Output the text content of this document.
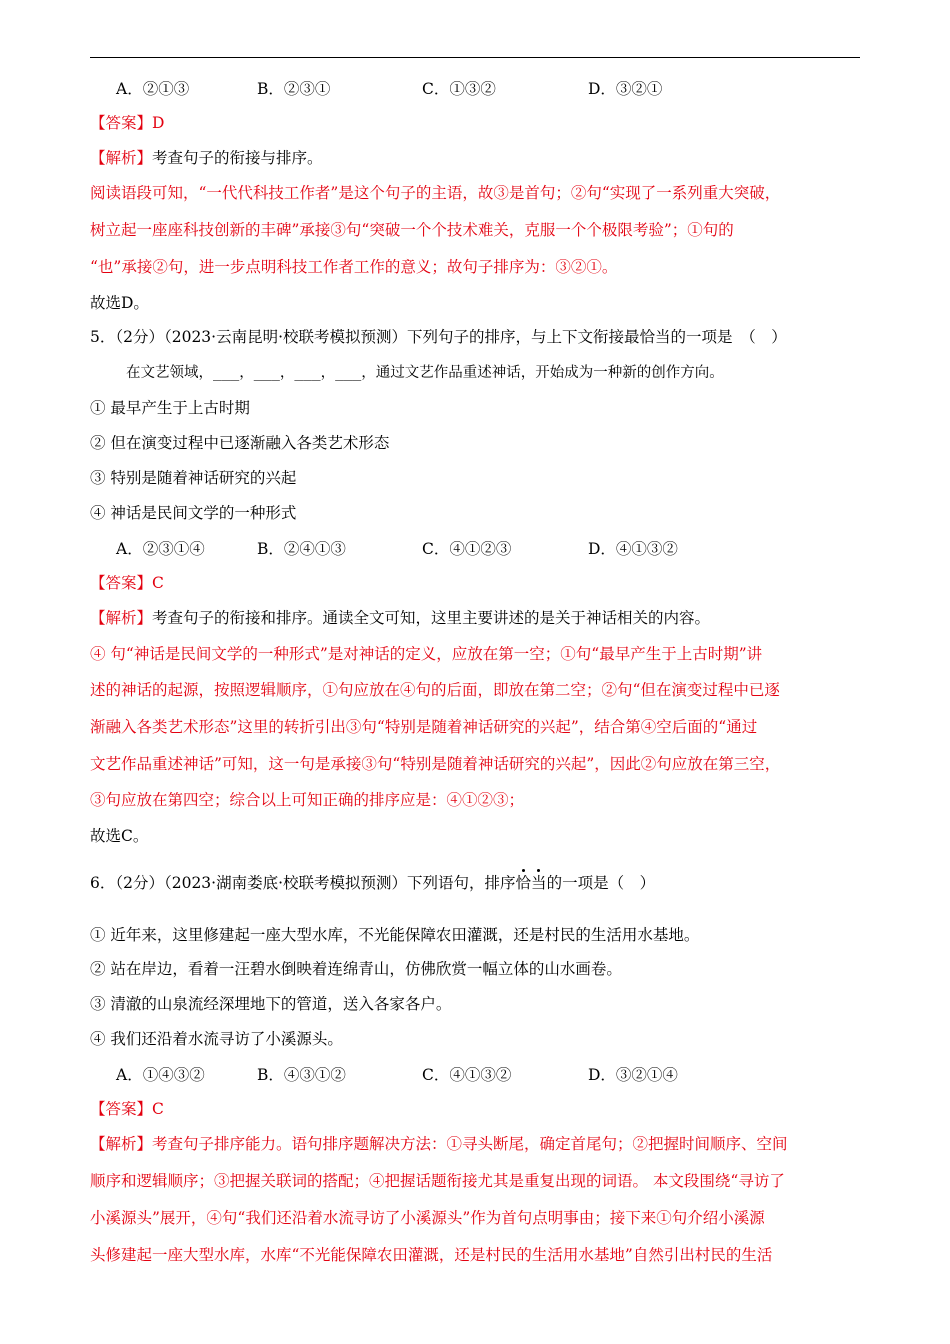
A．②①③	B．②③①	C．①③②	D．③②①
【答案】D
【解析】考查句子的衔接与排序。
阅读语段可知，“一代代科技工作者”是这个句子的主语，故③是首句；②句“实现了一系列重大突破，
树立起一座座科技创新的丰碑”承接③句“突破一个个技术难关，克服一个个极限考验”；①句的
“也”承接②句，进一步点明科技工作者工作的意义；故句子排序为：③②①。
故选D。
5．（2分）（2023·云南昆明·校联考模拟预测）下列句子的排序，与上下文衔接最恰当的一项是　（　）
在文艺领域，___，___，___，___，通过文艺作品重述神话，开始成为一种新的创作方向。
① 最早产生于上古时期
② 但在演变过程中已逐渐融入各类艺术形态
③ 特别是随着神话研究的兴起
④ 神话是民间文学的一种形式
A．②③①④	B．②④①③	C．④①②③	D．④①③②
【答案】C
【解析】考查句子的衔接和排序。通读全文可知，这里主要讲述的是关于神话相关的内容。
④ 句“神话是民间文学的一种形式”是对神话的定义，应放在第一空；①句“最早产生于上古时期”讲
述的神话的起源，按照逻辑顺序，①句应放在④句的后面，即放在第二空；②句“但在演变过程中已逐
渐融入各类艺术形态”这里的转折引出③句“特别是随着神话研究的兴起”，结合第④空后面的“通过
文艺作品重述神话”可知，这一句是承接③句“特别是随着神话研究的兴起”，因此②句应放在第三空，
③句应放在第四空；综合以上可知正确的排序应是：④①②③；
故选C。
6．（2分）（2023·湖南娄底·校联考模拟预测）下列语句，排序恰当的一项是（　）
① 近年来，这里修建起一座大型水库，不光能保障农田灌溉，还是村民的生活用水基地。
② 站在岸边，看着一汪碧水倒映着连绵青山，仿佛欣赏一幅立体的山水画卷。
③ 清澈的山泉流经深埋地下的管道，送入各家各户。
④ 我们还沿着水流寻访了小溪源头。
A．①④③②	B．④③①②	C．④①③②	D．③②①④
【答案】C
【解析】考查句子排序能力。语句排序题解决方法：①寻头断尾，确定首尾句；②把握时间顺序、空间
顺序和逻辑顺序；③把握关联词的搭配；④把握话题衔接尤其是重复出现的词语。 本文段围绕“寻访了
小溪源头”展开，④句“我们还沿着水流寻访了小溪源头”作为首句点明事由；接下来①句介绍小溪源
头修建起一座大型水库，水库“不光能保障农田灌溉，还是村民的生活用水基地”自然引出村民的生活
